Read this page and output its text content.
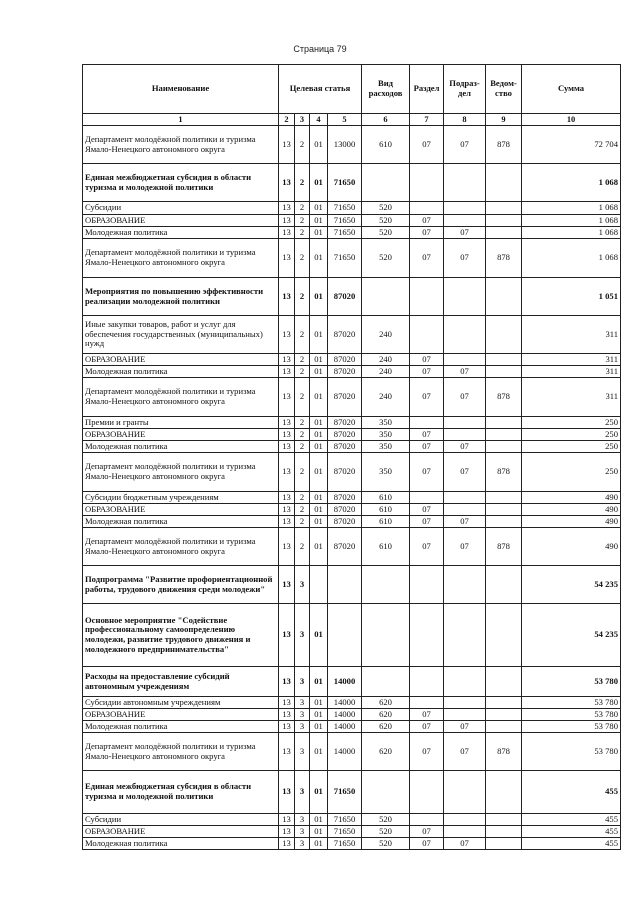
Страница 79
Наименование	Целевая статья				Вид расходов	Раздел	Подраз-дел	Ведом-ство	Сумма
1	2	3	4	5	6	7	8	9	10
Департамент молодёжной политики и туризма Ямало-Ненецкого автономного округа	13	2	01	13000	610	07	07	878	72 704
Единая межбюджетная субсидия в области туризма и молодежной политики	13	2	01	71650					1 068
Субсидии	13	2	01	71650	520				1 068
ОБРАЗОВАНИЕ	13	2	01	71650	520	07			1 068
Молодежная политика	13	2	01	71650	520	07	07		1 068
Департамент молодёжной политики и туризма Ямало-Ненецкого автономного округа	13	2	01	71650	520	07	07	878	1 068
Мероприятия по повышению эффективности реализации молодежной политики	13	2	01	87020					1 051
Иные закупки товаров, работ и услуг для обеспечения государственных (муниципальных) нужд	13	2	01	87020	240				311
ОБРАЗОВАНИЕ	13	2	01	87020	240	07			311
Молодежная политика	13	2	01	87020	240	07	07		311
Департамент молодёжной политики и туризма Ямало-Ненецкого автономного округа	13	2	01	87020	240	07	07	878	311
Премии и гранты	13	2	01	87020	350				250
ОБРАЗОВАНИЕ	13	2	01	87020	350	07			250
Молодежная политика	13	2	01	87020	350	07	07		250
Департамент молодёжной политики и туризма Ямало-Ненецкого автономного округа	13	2	01	87020	350	07	07	878	250
Субсидии бюджетным учреждениям	13	2	01	87020	610				490
ОБРАЗОВАНИЕ	13	2	01	87020	610	07			490
Молодежная политика	13	2	01	87020	610	07	07		490
Департамент молодёжной политики и туризма Ямало-Ненецкого автономного округа	13	2	01	87020	610	07	07	878	490
Подпрограмма "Развитие профориентационной работы, трудового движения среди молодежи"	13	3							54 235
Основное мероприятие "Содействие профессиональному самоопределению молодежи, развитие трудового движения и молодежного предпринимательства"	13	3	01						54 235
Расходы на предоставление субсидий автономным учреждениям	13	3	01	14000					53 780
Субсидии автономным учреждениям	13	3	01	14000	620				53 780
ОБРАЗОВАНИЕ	13	3	01	14000	620	07			53 780
Молодежная политика	13	3	01	14000	620	07	07		53 780
Департамент молодёжной политики и туризма Ямало-Ненецкого автономного округа	13	3	01	14000	620	07	07	878	53 780
Единая межбюджетная субсидия в области туризма и молодежной политики	13	3	01	71650					455
Субсидии	13	3	01	71650	520				455
ОБРАЗОВАНИЕ	13	3	01	71650	520	07			455
Молодежная политика	13	3	01	71650	520	07	07		455
